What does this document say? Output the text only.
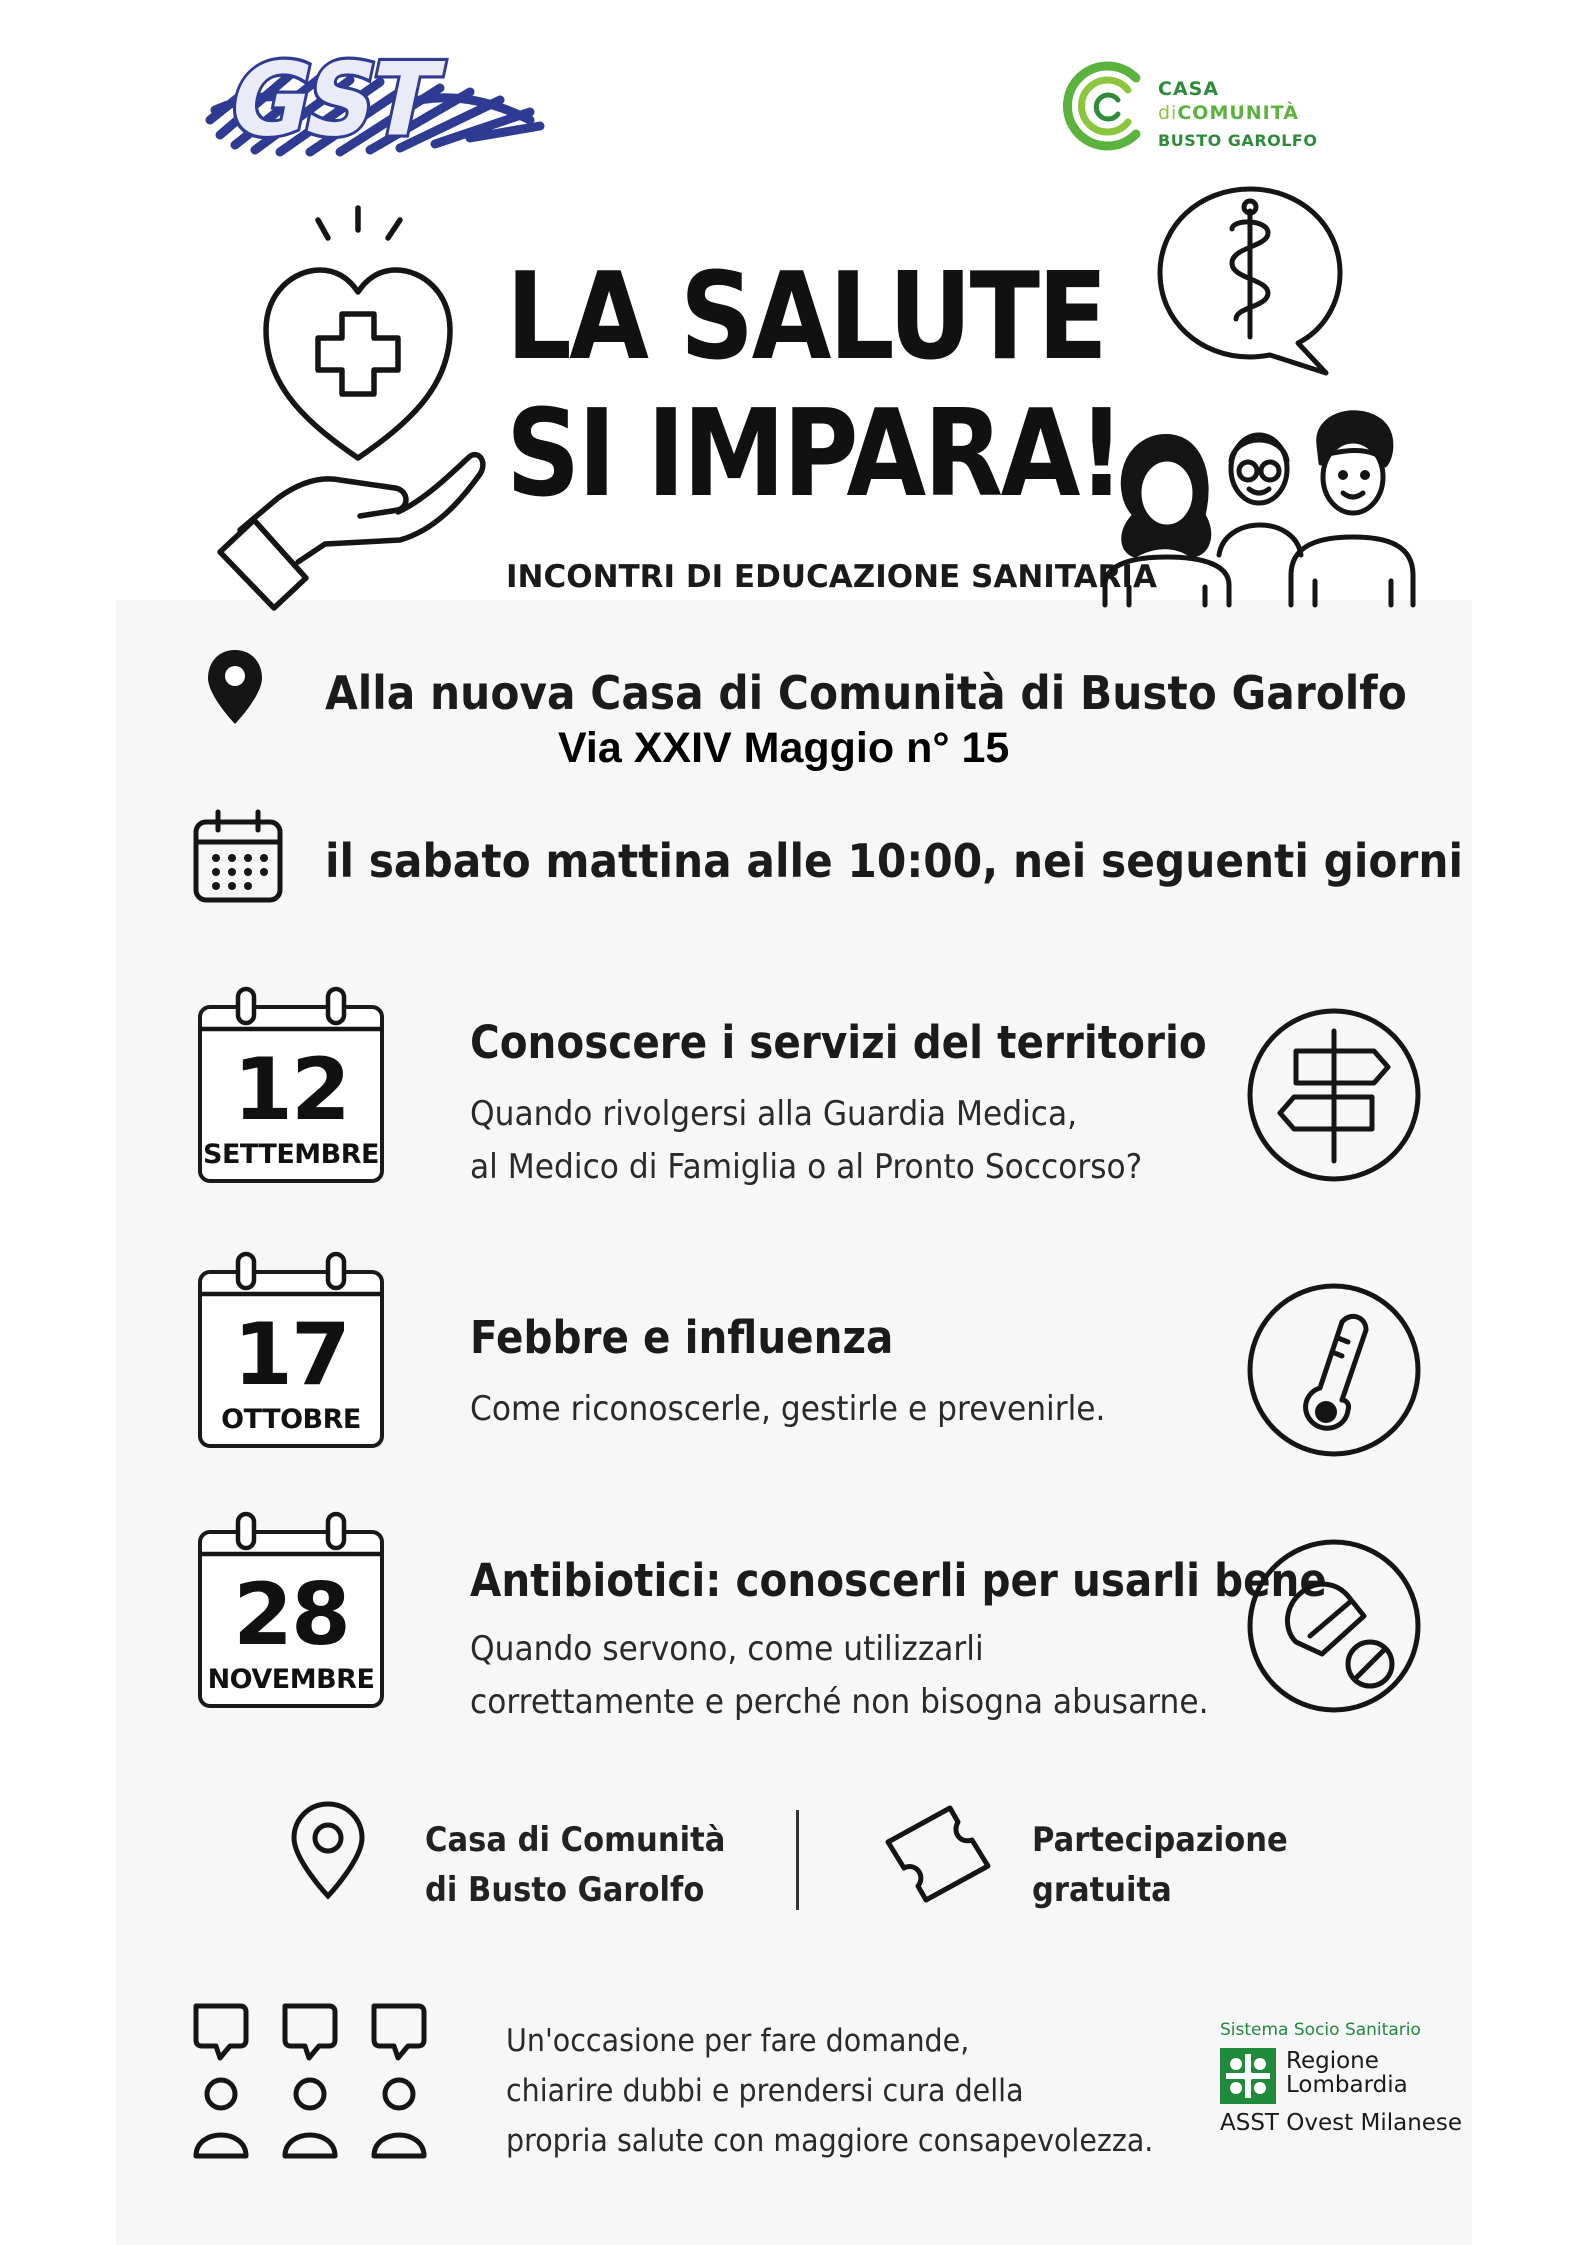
GST	CASA
diCOMUNITÀ
BUSTO GAROLFO
LA SALUTE
SI IMPARA!
INCONTRI DI EDUCAZIONE SANITARIA
Alla nuova Casa di Comunità di Busto Garolfo
Via XXIV Maggio n° 15
il sabato mattina alle 10:00, nei seguenti giorni
12
SETTEMBRE
Conoscere i servizi del territorio
Quando rivolgersi alla Guardia Medica,
al Medico di Famiglia o al Pronto Soccorso?
17
OTTOBRE
Febbre e influenza
Come riconoscerle, gestirle e prevenirle.
28
NOVEMBRE
Antibiotici: conoscerli per usarli bene
Quando servono, come utilizzarli
correttamente e perché non bisogna abusarne.
Casa di Comunità
di Busto Garolfo
Partecipazione
gratuita
Un'occasione per fare domande,
chiarire dubbi e prendersi cura della
propria salute con maggiore consapevolezza.
Sistema Socio Sanitario
Regione
Lombardia
ASST Ovest Milanese
